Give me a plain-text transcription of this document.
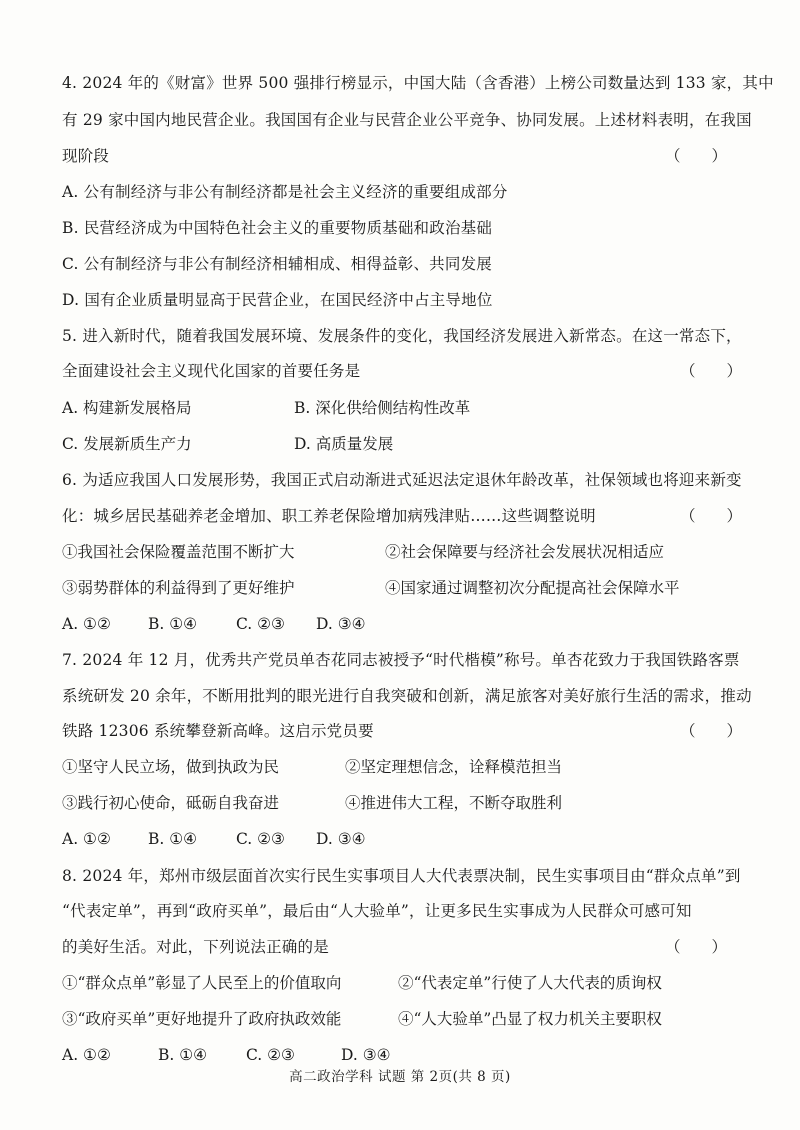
4. 2024 年的《财富》世界 500 强排行榜显示，中国大陆（含香港）上榜公司数量达到 133 家，其中
有 29 家中国内地民营企业。我国国有企业与民营企业公平竞争、协同发展。上述材料表明，在我国
现阶段	（　　）
A. 公有制经济与非公有制经济都是社会主义经济的重要组成部分
B. 民营经济成为中国特色社会主义的重要物质基础和政治基础
C. 公有制经济与非公有制经济相辅相成、相得益彰、共同发展
D. 国有企业质量明显高于民营企业，在国民经济中占主导地位
5. 进入新时代，随着我国发展环境、发展条件的变化，我国经济发展进入新常态。在这一常态下，
全面建设社会主义现代化国家的首要任务是	（　　）
A. 构建新发展格局	B. 深化供给侧结构性改革
C. 发展新质生产力	D. 高质量发展
6. 为适应我国人口发展形势，我国正式启动渐进式延迟法定退休年龄改革，社保领域也将迎来新变
化：城乡居民基础养老金增加、职工养老保险增加病残津贴……这些调整说明	（　　）
①我国社会保险覆盖范围不断扩大	②社会保障要与经济社会发展状况相适应
③弱势群体的利益得到了更好维护	④国家通过调整初次分配提高社会保障水平
A. ①② B. ①④	C. ②③ D. ③④
7. 2024 年 12 月，优秀共产党员单杏花同志被授予“时代楷模”称号。单杏花致力于我国铁路客票
系统研发 20 余年，不断用批判的眼光进行自我突破和创新，满足旅客对美好旅行生活的需求，推动
铁路 12306 系统攀登新高峰。这启示党员要	（　　）
①坚守人民立场，做到执政为民	②坚定理想信念，诠释模范担当
③践行初心使命，砥砺自我奋进	④推进伟大工程，不断夺取胜利
A. ①② B. ①④	C. ②③ D. ③④
8. 2024 年，郑州市级层面首次实行民生实事项目人大代表票决制，民生实事项目由“群众点单”到
“代表定单”，再到“政府买单”，最后由“人大验单”，让更多民生实事成为人民群众可感可知
的美好生活。对此，下列说法正确的是	（　　）
①“群众点单”彰显了人民至上的价值取向	②“代表定单”行使了人大代表的质询权
③“政府买单”更好地提升了政府执政效能	④“人大验单”凸显了权力机关主要职权
A. ①②	B. ①④	C. ②③	D. ③④
高二政治学科 试题 第 2页(共 8 页)
